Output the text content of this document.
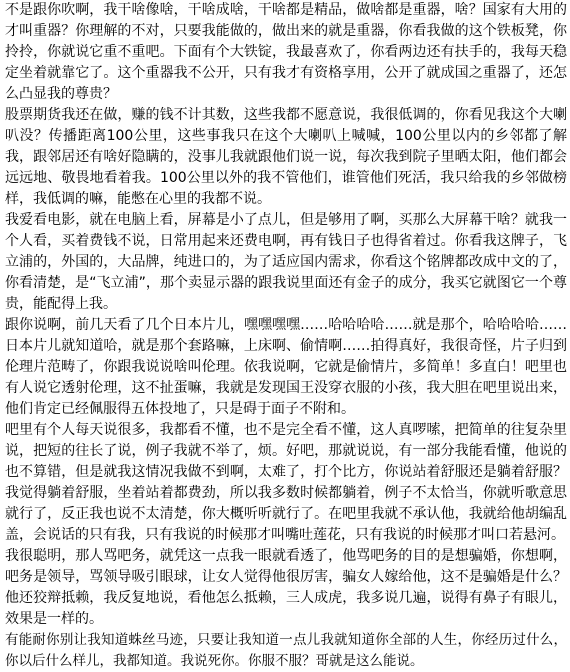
不是跟你吹啊，我干啥像啥，干啥成啥，干啥都是精品，做啥都是重器，啥？国家有大用的才叫重器？你理解的不对，只要我能做的，做出来的就是重器，你看我做的这个铁板凳，你拎拎，你就说它重不重吧。下面有个大铁锭，我最喜欢了，你看两边还有扶手的，我每天稳定坐着就靠它了。这个重器我不公开，只有我才有资格享用，公开了就成国之重器了，还怎么凸显我的尊贵？

股票期货我还在做，赚的钱不计其数，这些我都不愿意说，我很低调的，你看见我这个大喇叭没？传播距离100公里，这些事我只在这个大喇叭上喊喊，100公里以内的乡邻都了解我，跟邻居还有啥好隐瞒的，没事儿我就跟他们说一说，每次我到院子里晒太阳，他们都会远远地、敬畏地看着我。100公里以外的我不管他们，谁管他们死活，我只给我的乡邻做榜样，我低调的嘛，能憋在心里的我都不说。

我爱看电影，就在电脑上看，屏幕是小了点儿，但是够用了啊，买那么大屏幕干啥？就我一个人看，买着费钱不说，日常用起来还费电啊，再有钱日子也得省着过。你看我这牌子，飞立浦的，外国的，大品牌，纯进口的，为了适应国内需求，你看这个铭牌都改成中文的了，你看清楚，是“飞立浦”，那个卖显示器的跟我说里面还有金子的成分，我买它就图它一个尊贵，能配得上我。

跟你说啊，前几天看了几个日本片儿，嘿嘿嘿嘿……哈哈哈哈……就是那个，哈哈哈哈……日本片儿就知道哈，就是那个套路嘛，上床啊、偷情啊……拍得真好，我很奇怪，片子归到伦理片范畴了，你跟我说说啥叫伦理。依我说啊，它就是偷情片，多简单！多直白！吧里也有人说它透射伦理，这不扯蛋嘛，我就是发现国王没穿衣服的小孩，我大胆在吧里说出来，他们肯定已经佩服得五体投地了，只是碍于面子不附和。

吧里有个人每天说很多，我都看不懂，也不是完全看不懂，这人真啰嗦，把简单的往复杂里说，把短的往长了说，例子我就不举了，烦。好吧，那就说说，有一部分我能看懂，他说的也不算错，但是就我这情况我做不到啊，太难了，打个比方，你说站着舒服还是躺着舒服？我觉得躺着舒服，坐着站着都费劲，所以我多数时候都躺着，例子不太恰当，你就听歌意思就行了，反正我也说不太清楚，你大概听听就行了。在吧里我就不承认他，我就给他胡编乱盖，会说话的只有我，只有我说的时候那才叫嘴吐莲花，只有我说的时候那才叫口若悬河。

我很聪明，那人骂吧务，就凭这一点我一眼就看透了，他骂吧务的目的是想骗婚，你想啊，吧务是领导，骂领导吸引眼球，让女人觉得他很厉害，骗女人嫁给他，这不是骗婚是什么？他还狡辩抵赖，我反复地说，看他怎么抵赖，三人成虎，我多说几遍，说得有鼻子有眼儿，效果是一样的。

有能耐你别让我知道蛛丝马迹，只要让我知道一点儿我就知道你全部的人生，你经历过什么，你以后什么样儿，我都知道。我说死你。你服不服？哥就是这么能说。
